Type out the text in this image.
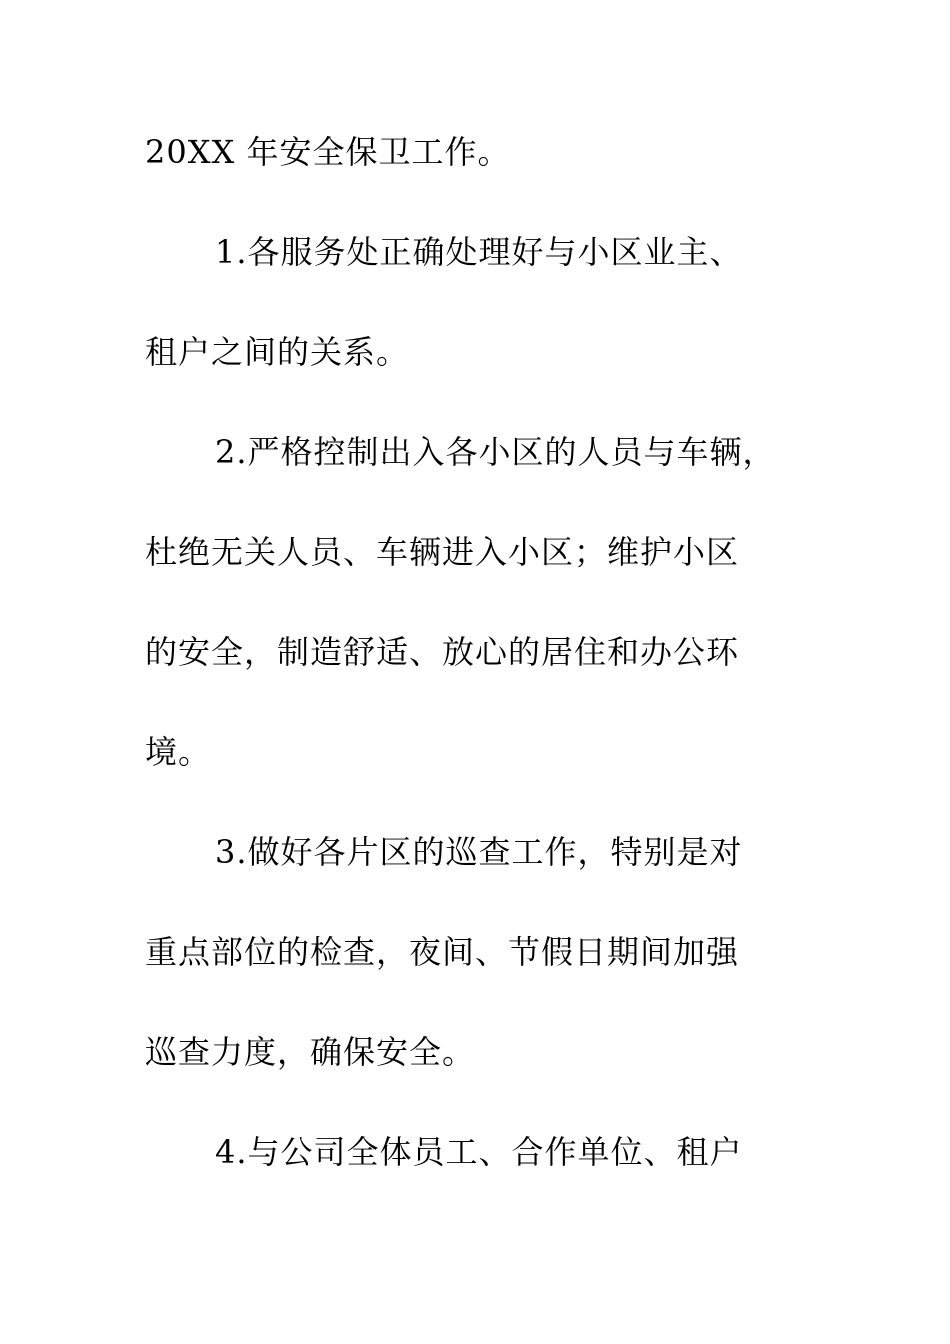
20XX 年安全保卫工作。
1.各服务处正确处理好与小区业主、
租户之间的关系。
2.严格控制出入各小区的人员与车辆，
杜绝无关人员、车辆进入小区；维护小区
的安全，制造舒适、放心的居住和办公环
境。
3.做好各片区的巡查工作，特别是对
重点部位的检查，夜间、节假日期间加强
巡查力度，确保安全。
4.与公司全体员工、合作单位、租户
